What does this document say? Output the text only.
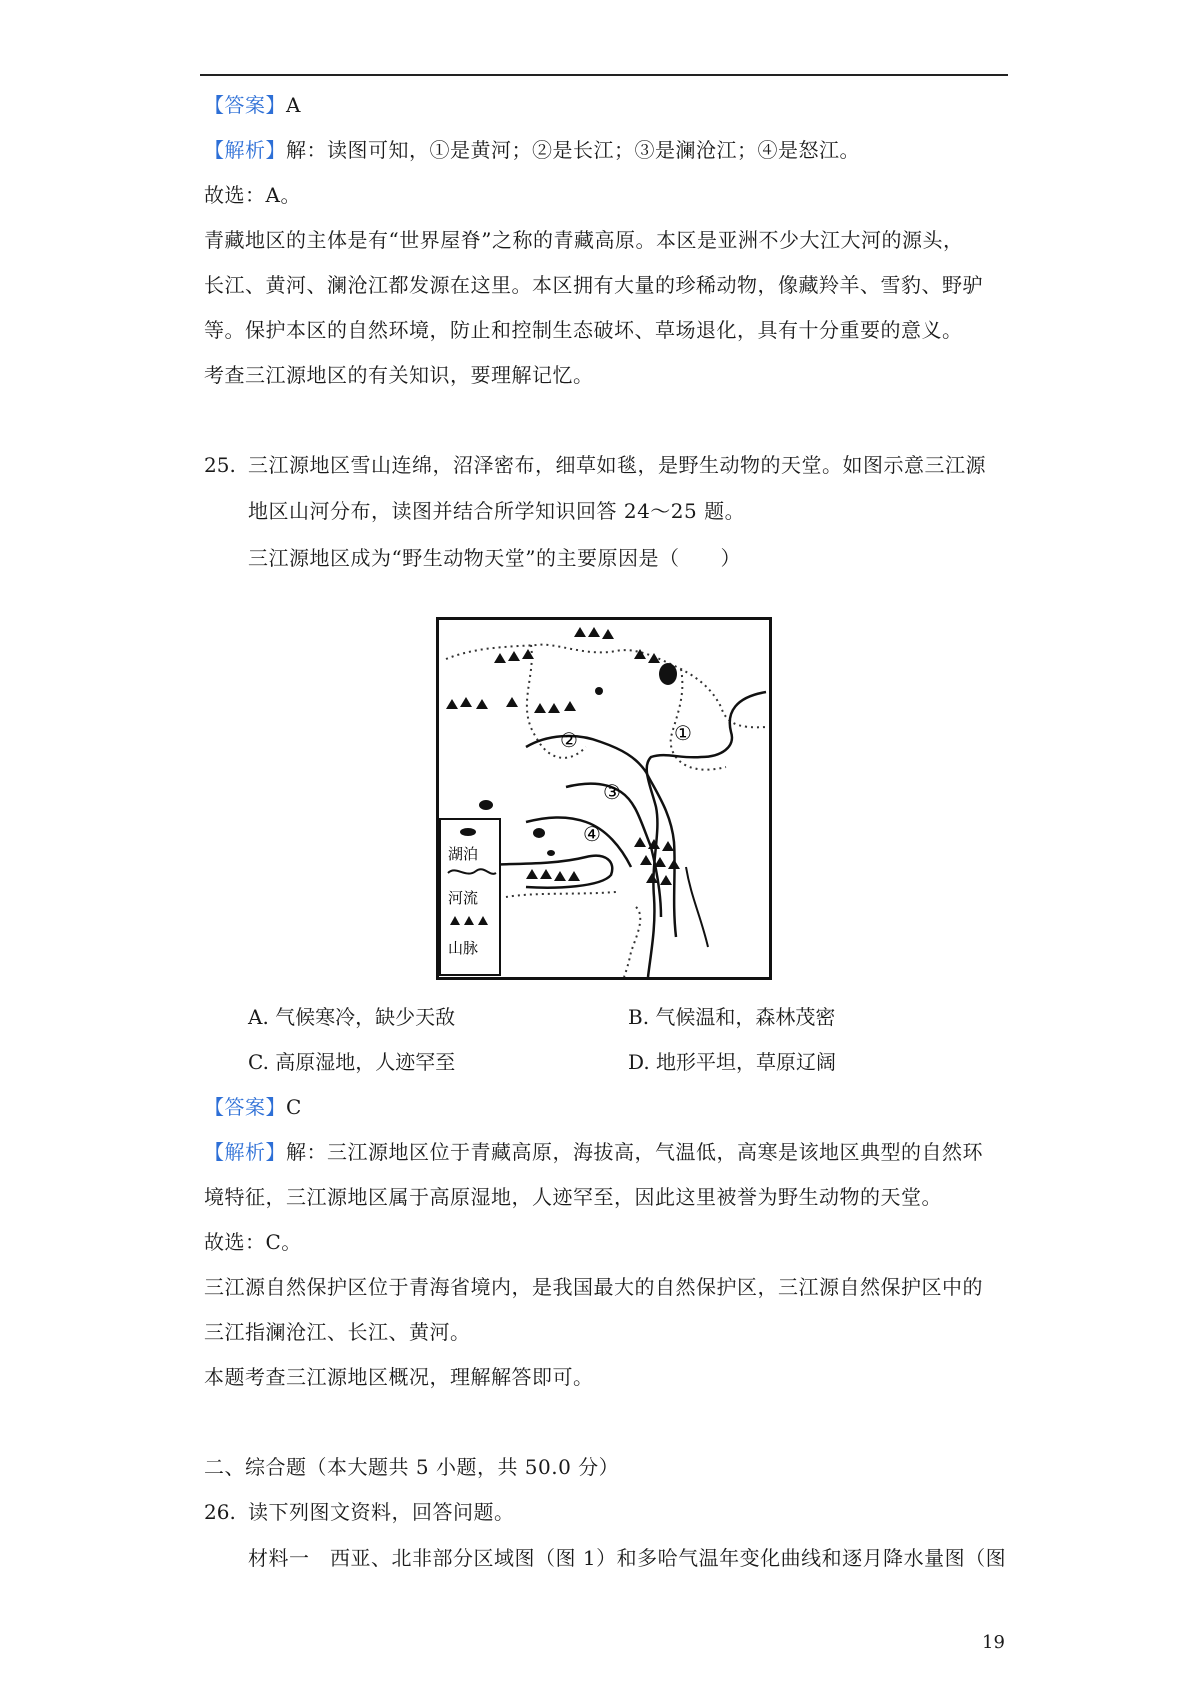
【答案】A
【解析】解：读图可知，①是黄河；②是长江；③是澜沧江；④是怒江。
故选：A。
青藏地区的主体是有“世界屋脊”之称的青藏高原。本区是亚洲不少大江大河的源头，
长江、黄河、澜沧江都发源在这里。本区拥有大量的珍稀动物，像藏羚羊、雪豹、野驴
等。保护本区的自然环境，防止和控制生态破坏、草场退化，具有十分重要的意义。
考查三江源地区的有关知识，要理解记忆。
25. 三江源地区雪山连绵，沼泽密布，细草如毯，是野生动物的天堂。如图示意三江源
地区山河分布，读图并结合所学知识回答 24～25 题。
三江源地区成为“野生动物天堂”的主要原因是（　　）
①
②
③
④
湖泊
河流
山脉
A. 气候寒冷，缺少天敌	B. 气候温和，森林茂密
C. 高原湿地，人迹罕至	D. 地形平坦，草原辽阔
【答案】C
【解析】解：三江源地区位于青藏高原，海拔高，气温低，高寒是该地区典型的自然环
境特征，三江源地区属于高原湿地，人迹罕至，因此这里被誉为野生动物的天堂。
故选：C。
三江源自然保护区位于青海省境内，是我国最大的自然保护区，三江源自然保护区中的
三江指澜沧江、长江、黄河。
本题考查三江源地区概况，理解解答即可。
二、综合题（本大题共 5 小题，共 50.0 分）
26. 读下列图文资料，回答问题。
材料一　西亚、北非部分区域图（图 1）和多哈气温年变化曲线和逐月降水量图（图
19
